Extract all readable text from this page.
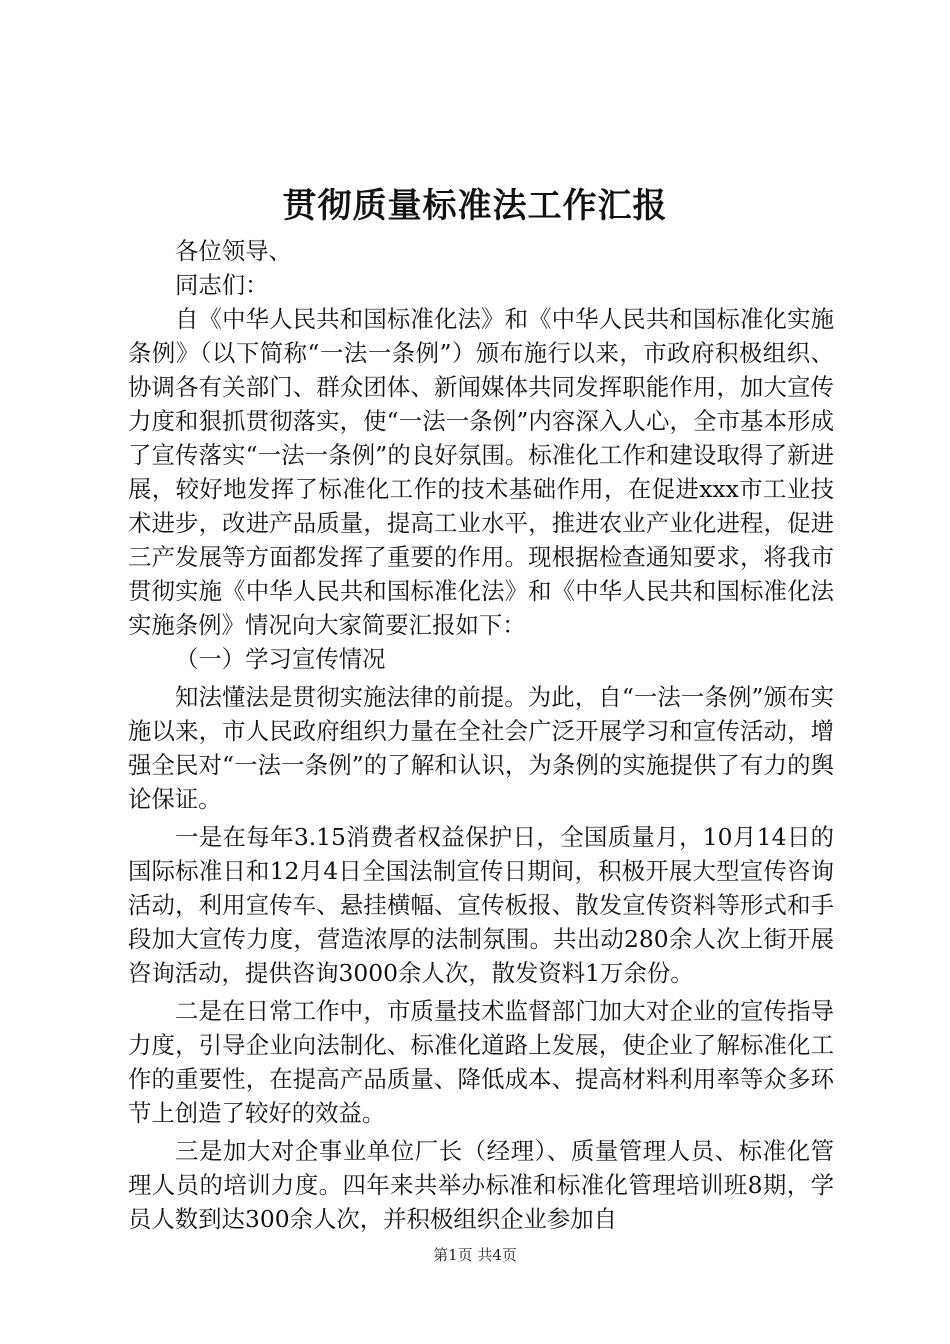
贯彻质量标准法工作汇报

各位领导、

同志们：

自《中华人民共和国标准化法》和《中华人民共和国标准化实施条例》（以下简称“一法一条例”）颁布施行以来，市政府积极组织、协调各有关部门、群众团体、新闻媒体共同发挥职能作用，加大宣传力度和狠抓贯彻落实，使“一法一条例”内容深入人心，全市基本形成了宣传落实“一法一条例”的良好氛围。标准化工作和建设取得了新进展，较好地发挥了标准化工作的技术基础作用，在促进xxx市工业技术进步，改进产品质量，提高工业水平，推进农业产业化进程，促进三产发展等方面都发挥了重要的作用。现根据检查通知要求，将我市贯彻实施《中华人民共和国标准化法》和《中华人民共和国标准化法实施条例》情况向大家简要汇报如下：

（一）学习宣传情况

知法懂法是贯彻实施法律的前提。为此，自“一法一条例”颁布实施以来，市人民政府组织力量在全社会广泛开展学习和宣传活动，增强全民对“一法一条例”的了解和认识，为条例的实施提供了有力的舆论保证。

一是在每年3.15消费者权益保护日，全国质量月，10月14日的国际标准日和12月4日全国法制宣传日期间，积极开展大型宣传咨询活动，利用宣传车、悬挂横幅、宣传板报、散发宣传资料等形式和手段加大宣传力度，营造浓厚的法制氛围。共出动280余人次上街开展咨询活动，提供咨询3000余人次，散发资料1万余份。

二是在日常工作中，市质量技术监督部门加大对企业的宣传指导力度，引导企业向法制化、标准化道路上发展，使企业了解标准化工作的重要性，在提高产品质量、降低成本、提高材料利用率等众多环节上创造了较好的效益。

三是加大对企事业单位厂长（经理）、质量管理人员、标准化管理人员的培训力度。四年来共举办标准和标准化管理培训班8期，学员人数到达300余人次，并积极组织企业参加自

第1页 共4页
